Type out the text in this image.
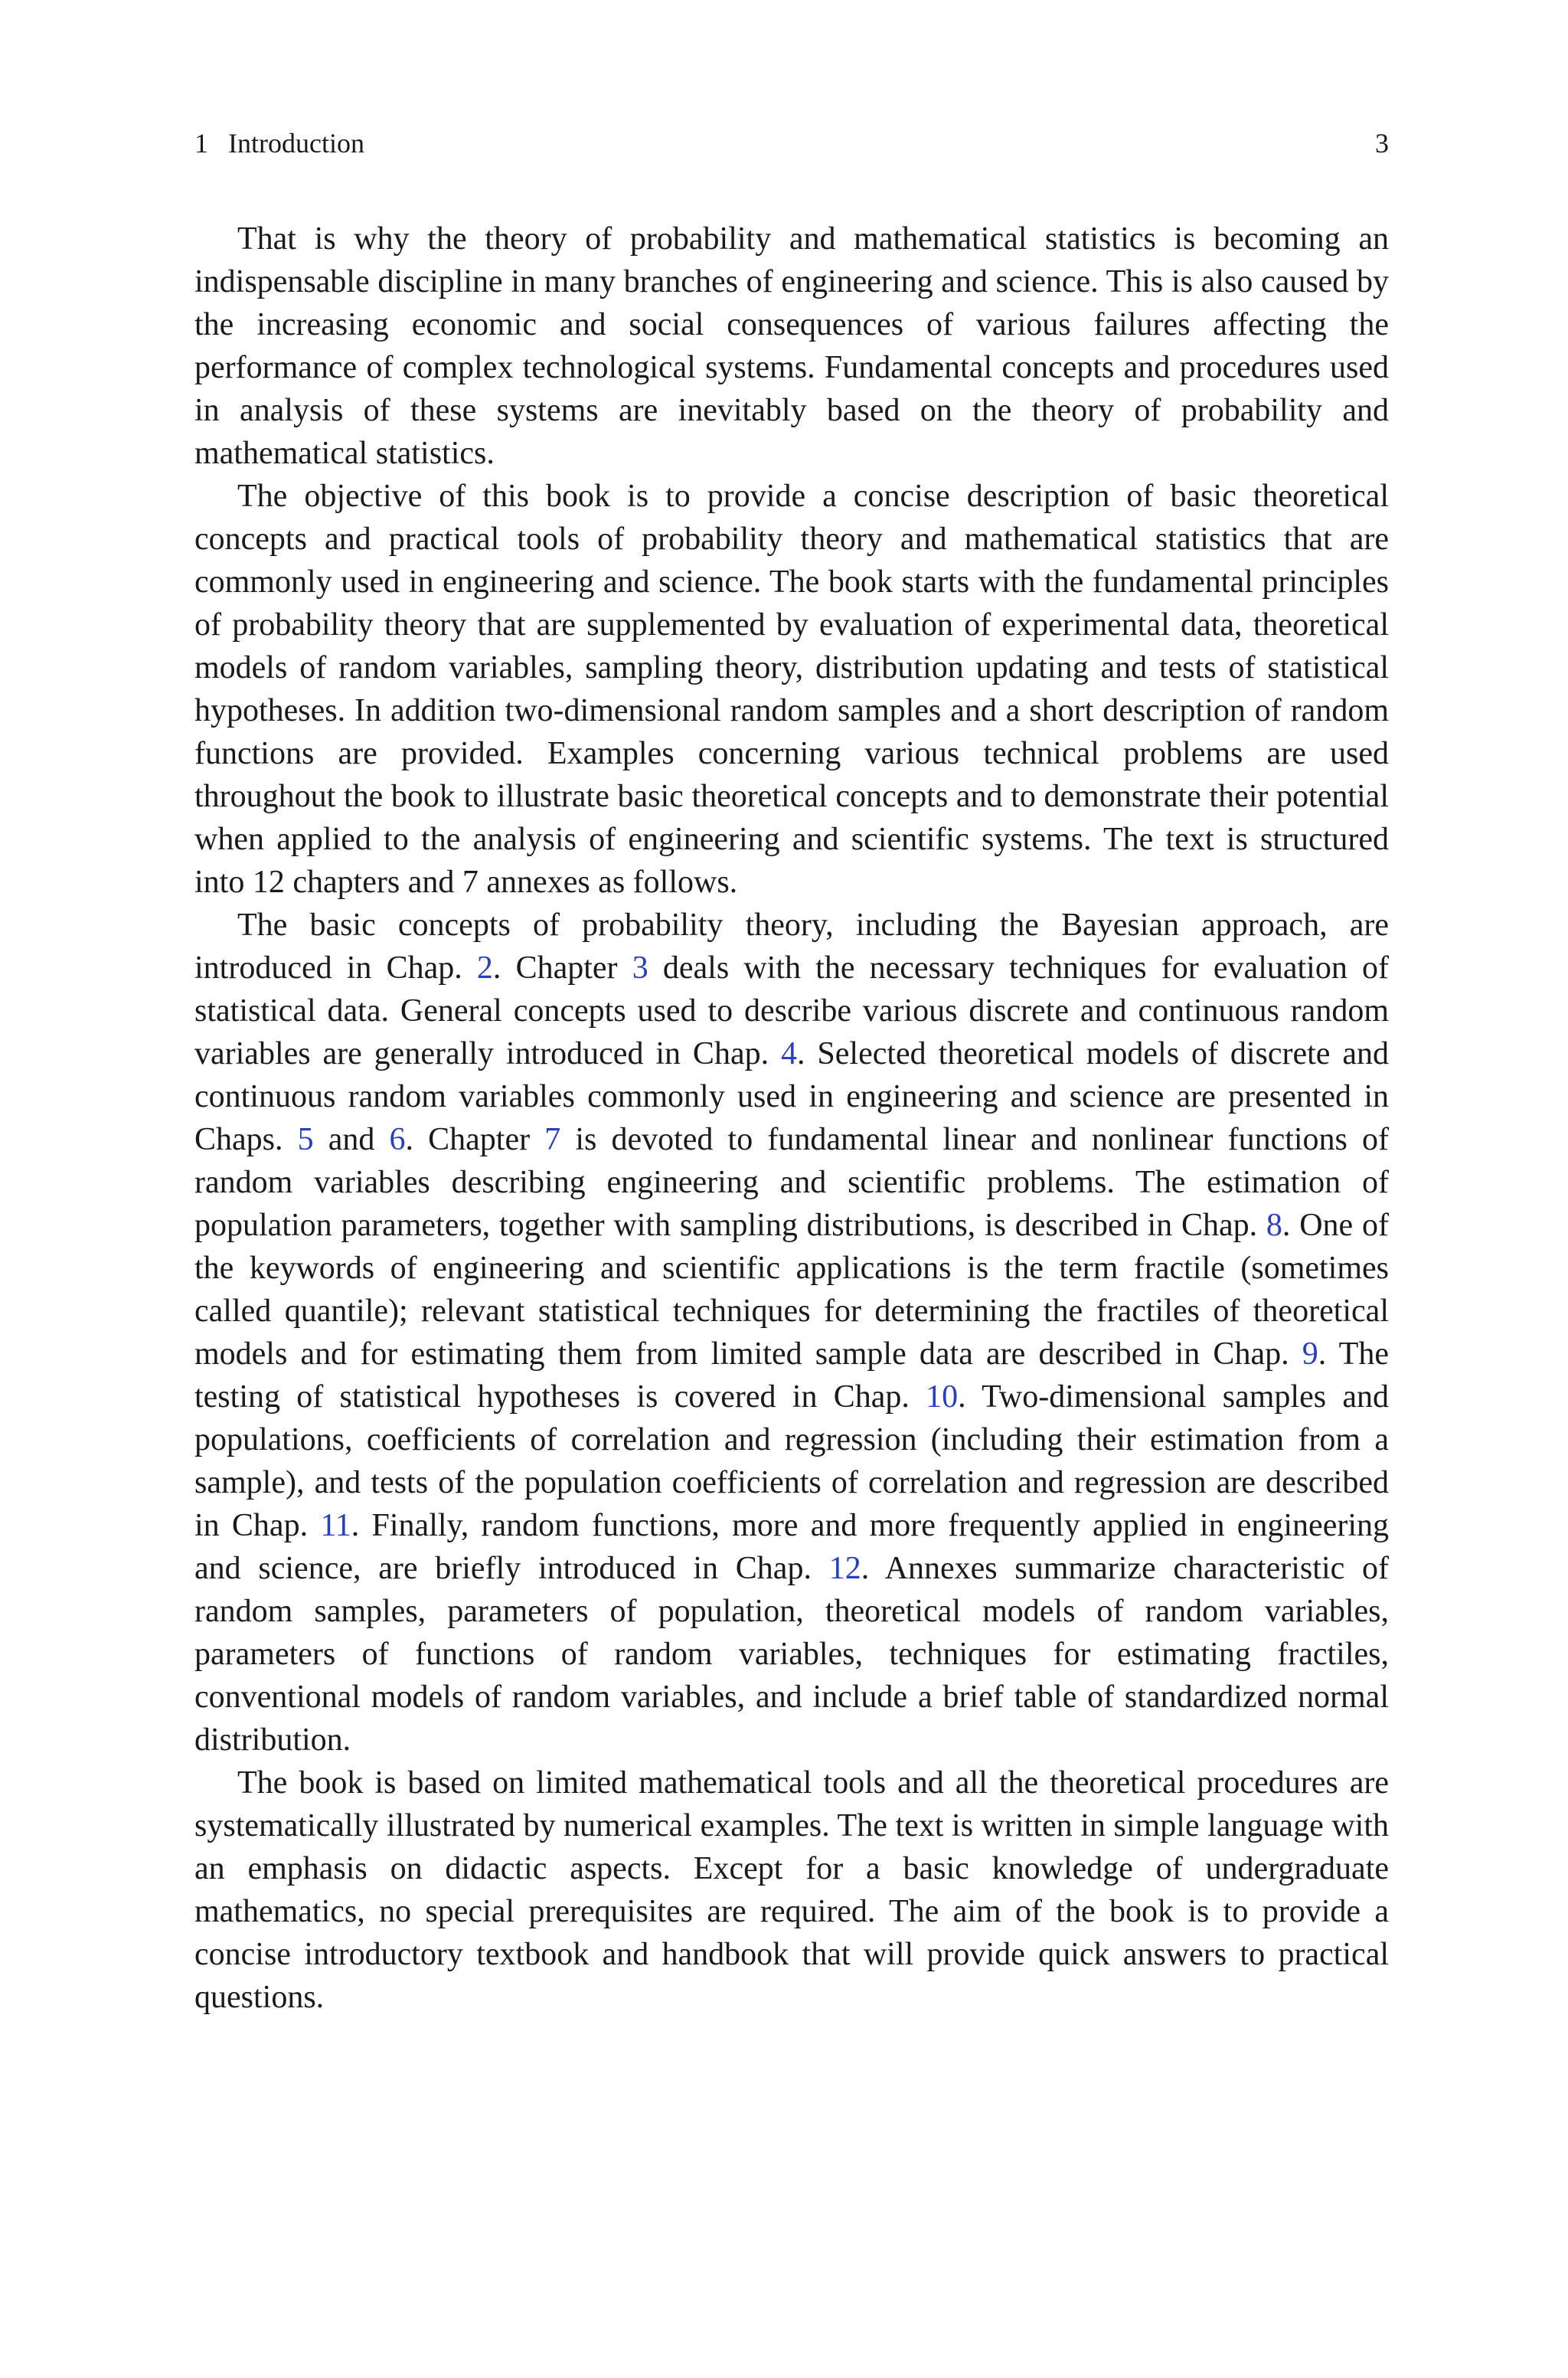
1 Introduction	3

That is why the theory of probability and mathematical statistics is becoming an indispensable discipline in many branches of engineering and science. This is also caused by the increasing economic and social consequences of various failures affecting the performance of complex technological systems. Fundamental concepts and procedures used in analysis of these systems are inevitably based on the theory of probability and mathematical statistics.

The objective of this book is to provide a concise description of basic theoretical concepts and practical tools of probability theory and mathematical statistics that are commonly used in engineering and science. The book starts with the fundamental principles of probability theory that are supplemented by evaluation of experimental data, theoretical models of random variables, sampling theory, distribution updating and tests of statistical hypotheses. In addition two-dimensional random samples and a short description of random functions are provided. Examples concerning various technical problems are used throughout the book to illustrate basic theoretical concepts and to demonstrate their potential when applied to the analysis of engineering and scientific systems. The text is structured into 12 chapters and 7 annexes as follows.

The basic concepts of probability theory, including the Bayesian approach, are introduced in Chap. 2. Chapter 3 deals with the necessary techniques for evaluation of statistical data. General concepts used to describe various discrete and continuous random variables are generally introduced in Chap. 4. Selected theoretical models of discrete and continuous random variables commonly used in engineering and science are presented in Chaps. 5 and 6. Chapter 7 is devoted to fundamental linear and nonlinear functions of random variables describing engineering and scientific problems. The estimation of population parameters, together with sampling distributions, is described in Chap. 8. One of the keywords of engineering and scientific applications is the term fractile (sometimes called quantile); relevant statistical techniques for determining the fractiles of theoretical models and for estimating them from limited sample data are described in Chap. 9. The testing of statistical hypotheses is covered in Chap. 10. Two-dimensional samples and populations, coefficients of correlation and regression (including their estimation from a sample), and tests of the population coefficients of correlation and regression are described in Chap. 11. Finally, random functions, more and more frequently applied in engineering and science, are briefly introduced in Chap. 12. Annexes summarize characteristic of random samples, parameters of population, theoretical models of random variables, parameters of functions of random variables, techniques for estimating fractiles, conventional models of random variables, and include a brief table of standardized normal distribution.

The book is based on limited mathematical tools and all the theoretical procedures are systematically illustrated by numerical examples. The text is written in simple language with an emphasis on didactic aspects. Except for a basic knowledge of undergraduate mathematics, no special prerequisites are required. The aim of the book is to provide a concise introductory textbook and handbook that will provide quick answers to practical questions.
